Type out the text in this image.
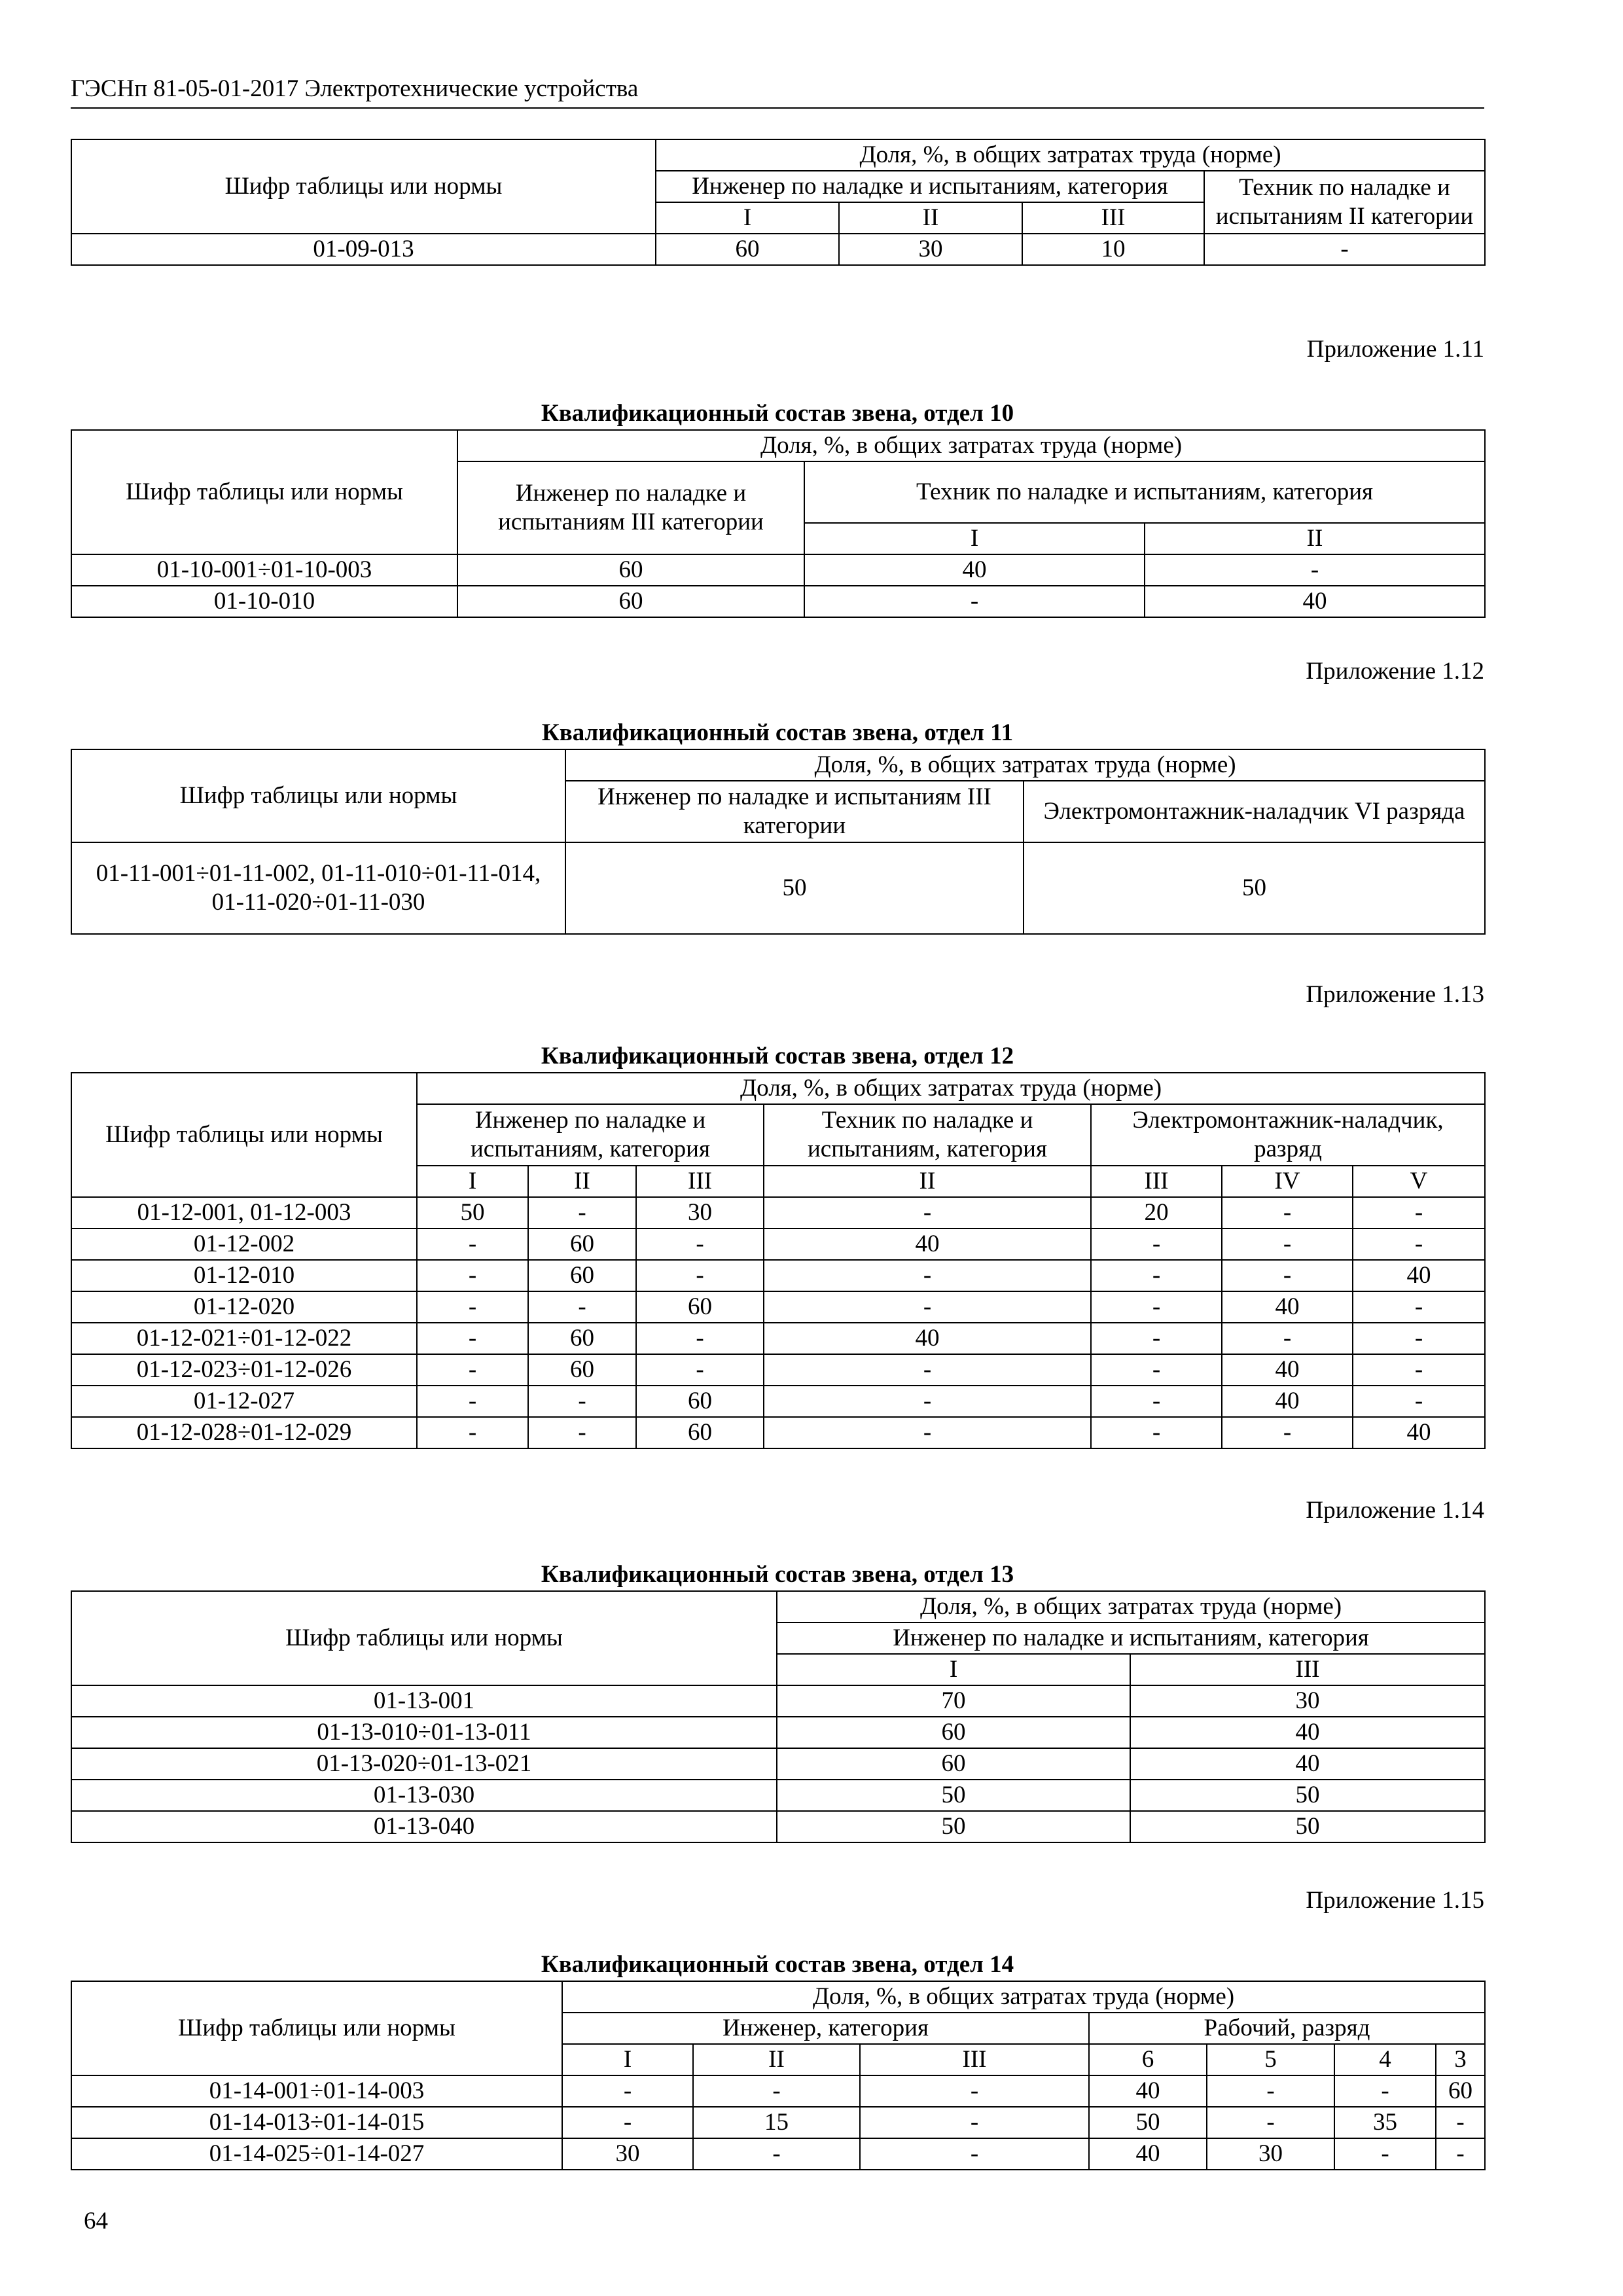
ГЭСНп 81-05-01-2017 Электротехнические устройства
Шифр таблицы или нормы	Доля, %, в общих затратах труда (норме)			
	Инженер по наладке и испытаниям, категория			Техник по наладке и испытаниям II категории
	I	II	III	
01-09-013	60	30	10	-
Приложение 1.11
Квалификационный состав звена, отдел 10
Шифр таблицы или нормы	Доля, %, в общих затратах труда (норме)		
	Инженер по наладке и испытаниям III категории	Техник по наладке и испытаниям, категория	
		I	II
01-10-001÷01-10-003	60	40	-
01-10-010	60	-	40
Приложение 1.12
Квалификационный состав звена, отдел 11
Шифр таблицы или нормы	Доля, %, в общих затратах труда (норме)	
	Инженер по наладке и испытаниям III категории	Электромонтажник-наладчик VI разряда

01-11-001÷01-11-002, 01-11-010÷01-11-014,
01-11-020÷01-11-030	50	50
Приложение 1.13
Квалификационный состав звена, отдел 12
Шифр таблицы или нормы	Доля, %, в общих затратах труда (норме)						
	Инженер по наладке и испытаниям, категория			Техник по наладке и испытаниям, категория	Электромонтажник-наладчик, разряд		
	I	II	III	II	III	IV	V
01-12-001, 01-12-003	50	-	30	-	20	-	-
01-12-002	-	60	-	40	-	-	-
01-12-010	-	60	-	-	-	-	40
01-12-020	-	-	60	-	-	40	-
01-12-021÷01-12-022	-	60	-	40	-	-	-
01-12-023÷01-12-026	-	60	-	-	-	40	-
01-12-027	-	-	60	-	-	40	-
01-12-028÷01-12-029	-	-	60	-	-	-	40
Приложение 1.14
Квалификационный состав звена, отдел 13
Шифр таблицы или нормы	Доля, %, в общих затратах труда (норме)	
	Инженер по наладке и испытаниям, категория	
	I	III
01-13-001	70	30
01-13-010÷01-13-011	60	40
01-13-020÷01-13-021	60	40
01-13-030	50	50
01-13-040	50	50
Приложение 1.15
Квалификационный состав звена, отдел 14
Шифр таблицы или нормы	Доля, %, в общих затратах труда (норме)						
	Инженер, категория			Рабочий, разряд			
	I	II	III	6	5	4	3
01-14-001÷01-14-003	-	-	-	40	-	-	60
01-14-013÷01-14-015	-	15	-	50	-	35	-
01-14-025÷01-14-027	30	-	-	40	30	-	-
64
